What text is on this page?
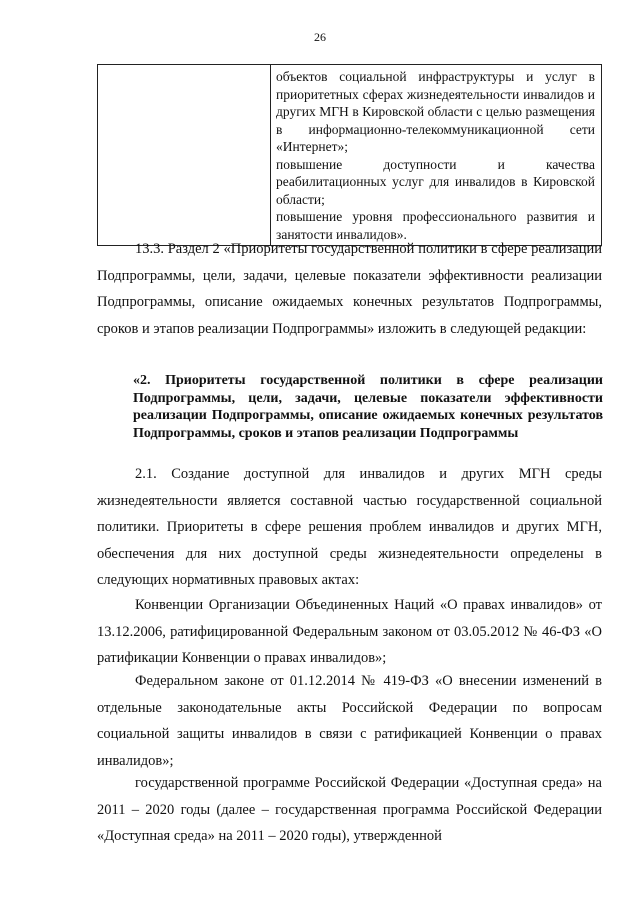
26

объектов социальной инфраструктуры и услуг в приоритетных сферах жизнедеятельности инвалидов и других МГН в Кировской области с целью размещения в информационно-телекоммуникационной сети «Интернет»;

повышение доступности и качества реабилитационных услуг для инвалидов в Кировской области;

повышение уровня профессионального развития и занятости инвалидов».

13.3. Раздел 2 «Приоритеты государственной политики в сфере реализации Подпрограммы, цели, задачи, целевые показатели эффективности реализации Подпрограммы, описание ожидаемых конечных результатов Подпрограммы, сроков и этапов реализации Подпрограммы» изложить в следующей редакции:

«2. Приоритеты государственной политики в сфере реализации Подпрограммы, цели, задачи, целевые показатели эффективности реализации Подпрограммы, описание ожидаемых конечных результатов Подпрограммы, сроков и этапов реализации Подпрограммы

2.1. Создание доступной для инвалидов и других МГН среды жизнедеятельности является составной частью государственной социальной политики. Приоритеты в сфере решения проблем инвалидов и других МГН, обеспечения для них доступной среды жизнедеятельности определены в следующих нормативных правовых актах:

Конвенции Организации Объединенных Наций «О правах инвалидов» от 13.12.2006, ратифицированной Федеральным законом от 03.05.2012 № 46-ФЗ «О ратификации Конвенции о правах инвалидов»;

Федеральном законе от 01.12.2014 № 419-ФЗ «О внесении изменений в отдельные законодательные акты Российской Федерации по вопросам социальной защиты инвалидов в связи с ратификацией Конвенции о правах инвалидов»;

государственной программе Российской Федерации «Доступная среда» на 2011 – 2020 годы (далее – государственная программа Российской Федерации «Доступная среда» на 2011 – 2020 годы), утвержденной
